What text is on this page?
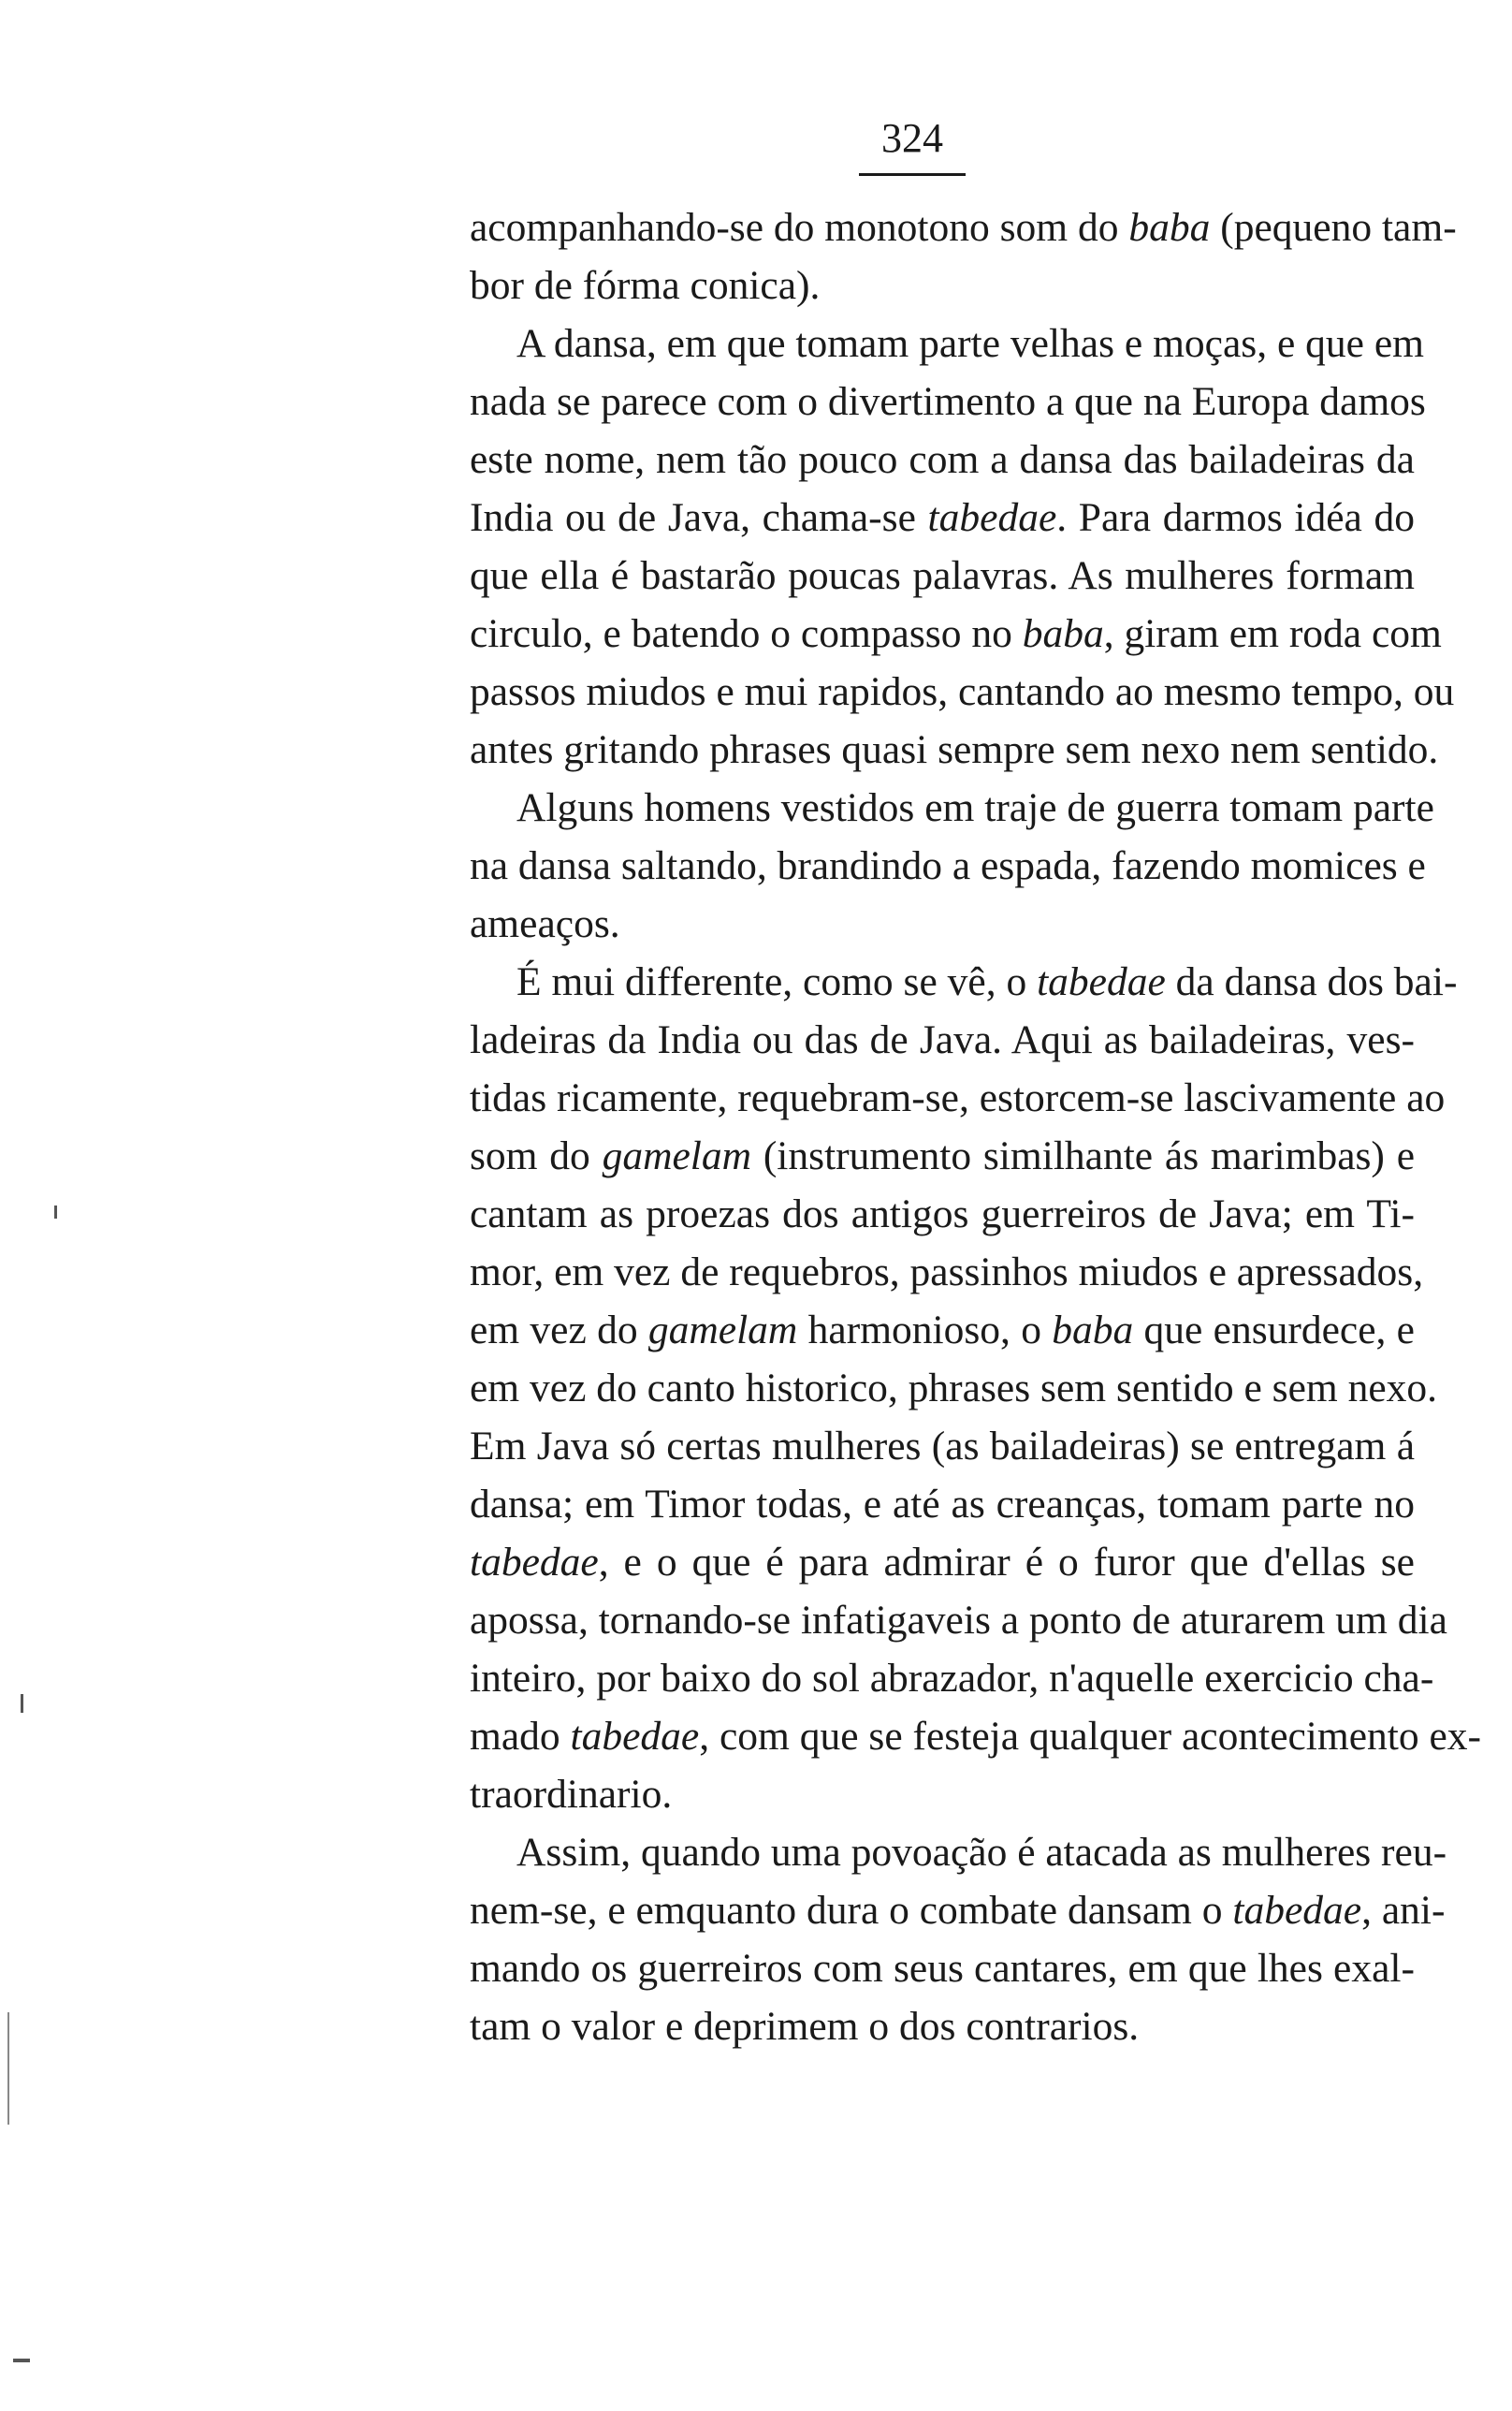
324
acompanhando-se do monotono som do baba (pequeno tam-
bor de fórma conica).
A dansa, em que tomam parte velhas e moças, e que em
nada se parece com o divertimento a que na Europa damos
este nome, nem tão pouco com a dansa das bailadeiras da
India ou de Java, chama-se tabedae. Para darmos idéa do
que ella é bastarão poucas palavras. As mulheres formam
circulo, e batendo o compasso no baba, giram em roda com
passos miudos e mui rapidos, cantando ao mesmo tempo, ou
antes gritando phrases quasi sempre sem nexo nem sentido.
Alguns homens vestidos em traje de guerra tomam parte
na dansa saltando, brandindo a espada, fazendo momices e
ameaços.
É mui differente, como se vê, o tabedae da dansa dos bai-
ladeiras da India ou das de Java. Aqui as bailadeiras, ves-
tidas ricamente, requebram-se, estorcem-se lascivamente ao
som do gamelam (instrumento similhante ás marimbas) e
cantam as proezas dos antigos guerreiros de Java; em Ti-
mor, em vez de requebros, passinhos miudos e apressados,
em vez do gamelam harmonioso, o baba que ensurdece, e
em vez do canto historico, phrases sem sentido e sem nexo.
Em Java só certas mulheres (as bailadeiras) se entregam á
dansa; em Timor todas, e até as creanças, tomam parte no
tabedae, e o que é para admirar é o furor que d'ellas se
apossa, tornando-se infatigaveis a ponto de aturarem um dia
inteiro, por baixo do sol abrazador, n'aquelle exercicio cha-
mado tabedae, com que se festeja qualquer acontecimento ex-
traordinario.
Assim, quando uma povoação é atacada as mulheres reu-
nem-se, e emquanto dura o combate dansam o tabedae, ani-
mando os guerreiros com seus cantares, em que lhes exal-
tam o valor e deprimem o dos contrarios.
